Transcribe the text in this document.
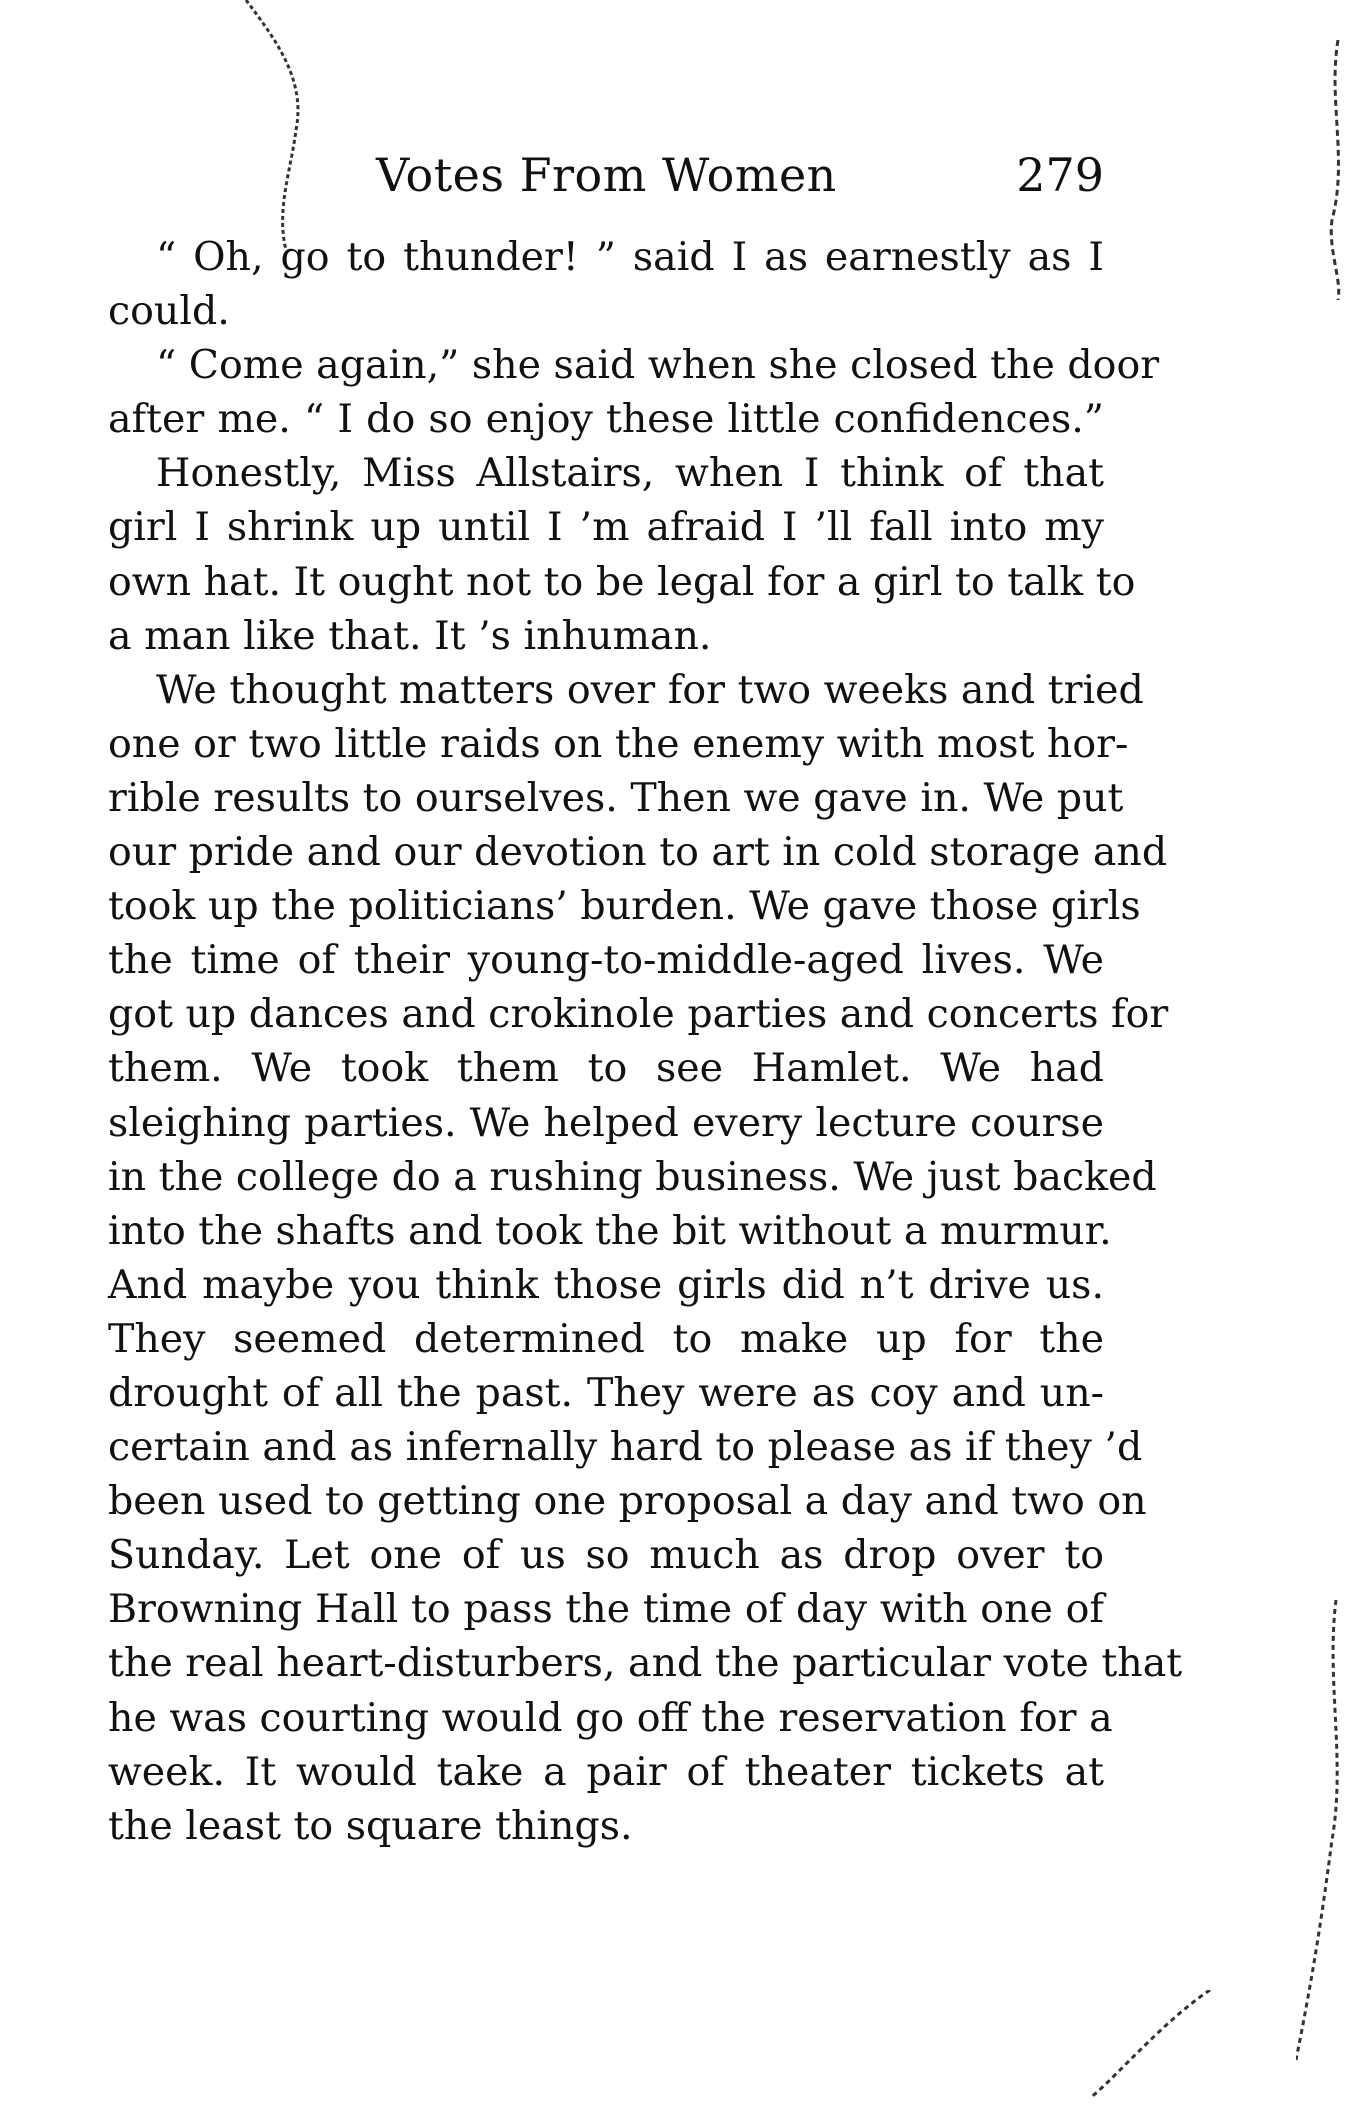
Votes From Women	279
“ Oh, go to thunder! ” said I as earnestly as I
could.
“ Come again,” she said when she closed the door
after me. “ I do so enjoy these little confidences.”
Honestly, Miss Allstairs, when I think of that
girl I shrink up until I ’m afraid I ’ll fall into my
own hat. It ought not to be legal for a girl to talk to
a man like that. It ’s inhuman.
We thought matters over for two weeks and tried
one or two little raids on the enemy with most hor-
rible results to ourselves. Then we gave in. We put
our pride and our devotion to art in cold storage and
took up the politicians’ burden. We gave those girls
the time of their young-to-middle-aged lives. We
got up dances and crokinole parties and concerts for
them. We took them to see Hamlet. We had
sleighing parties. We helped every lecture course
in the college do a rushing business. We just backed
into the shafts and took the bit without a murmur.
And maybe you think those girls did n’t drive us.
They seemed determined to make up for the
drought of all the past. They were as coy and un-
certain and as infernally hard to please as if they ’d
been used to getting one proposal a day and two on
Sunday. Let one of us so much as drop over to
Browning Hall to pass the time of day with one of
the real heart-disturbers, and the particular vote that
he was courting would go off the reservation for a
week. It would take a pair of theater tickets at
the least to square things.
